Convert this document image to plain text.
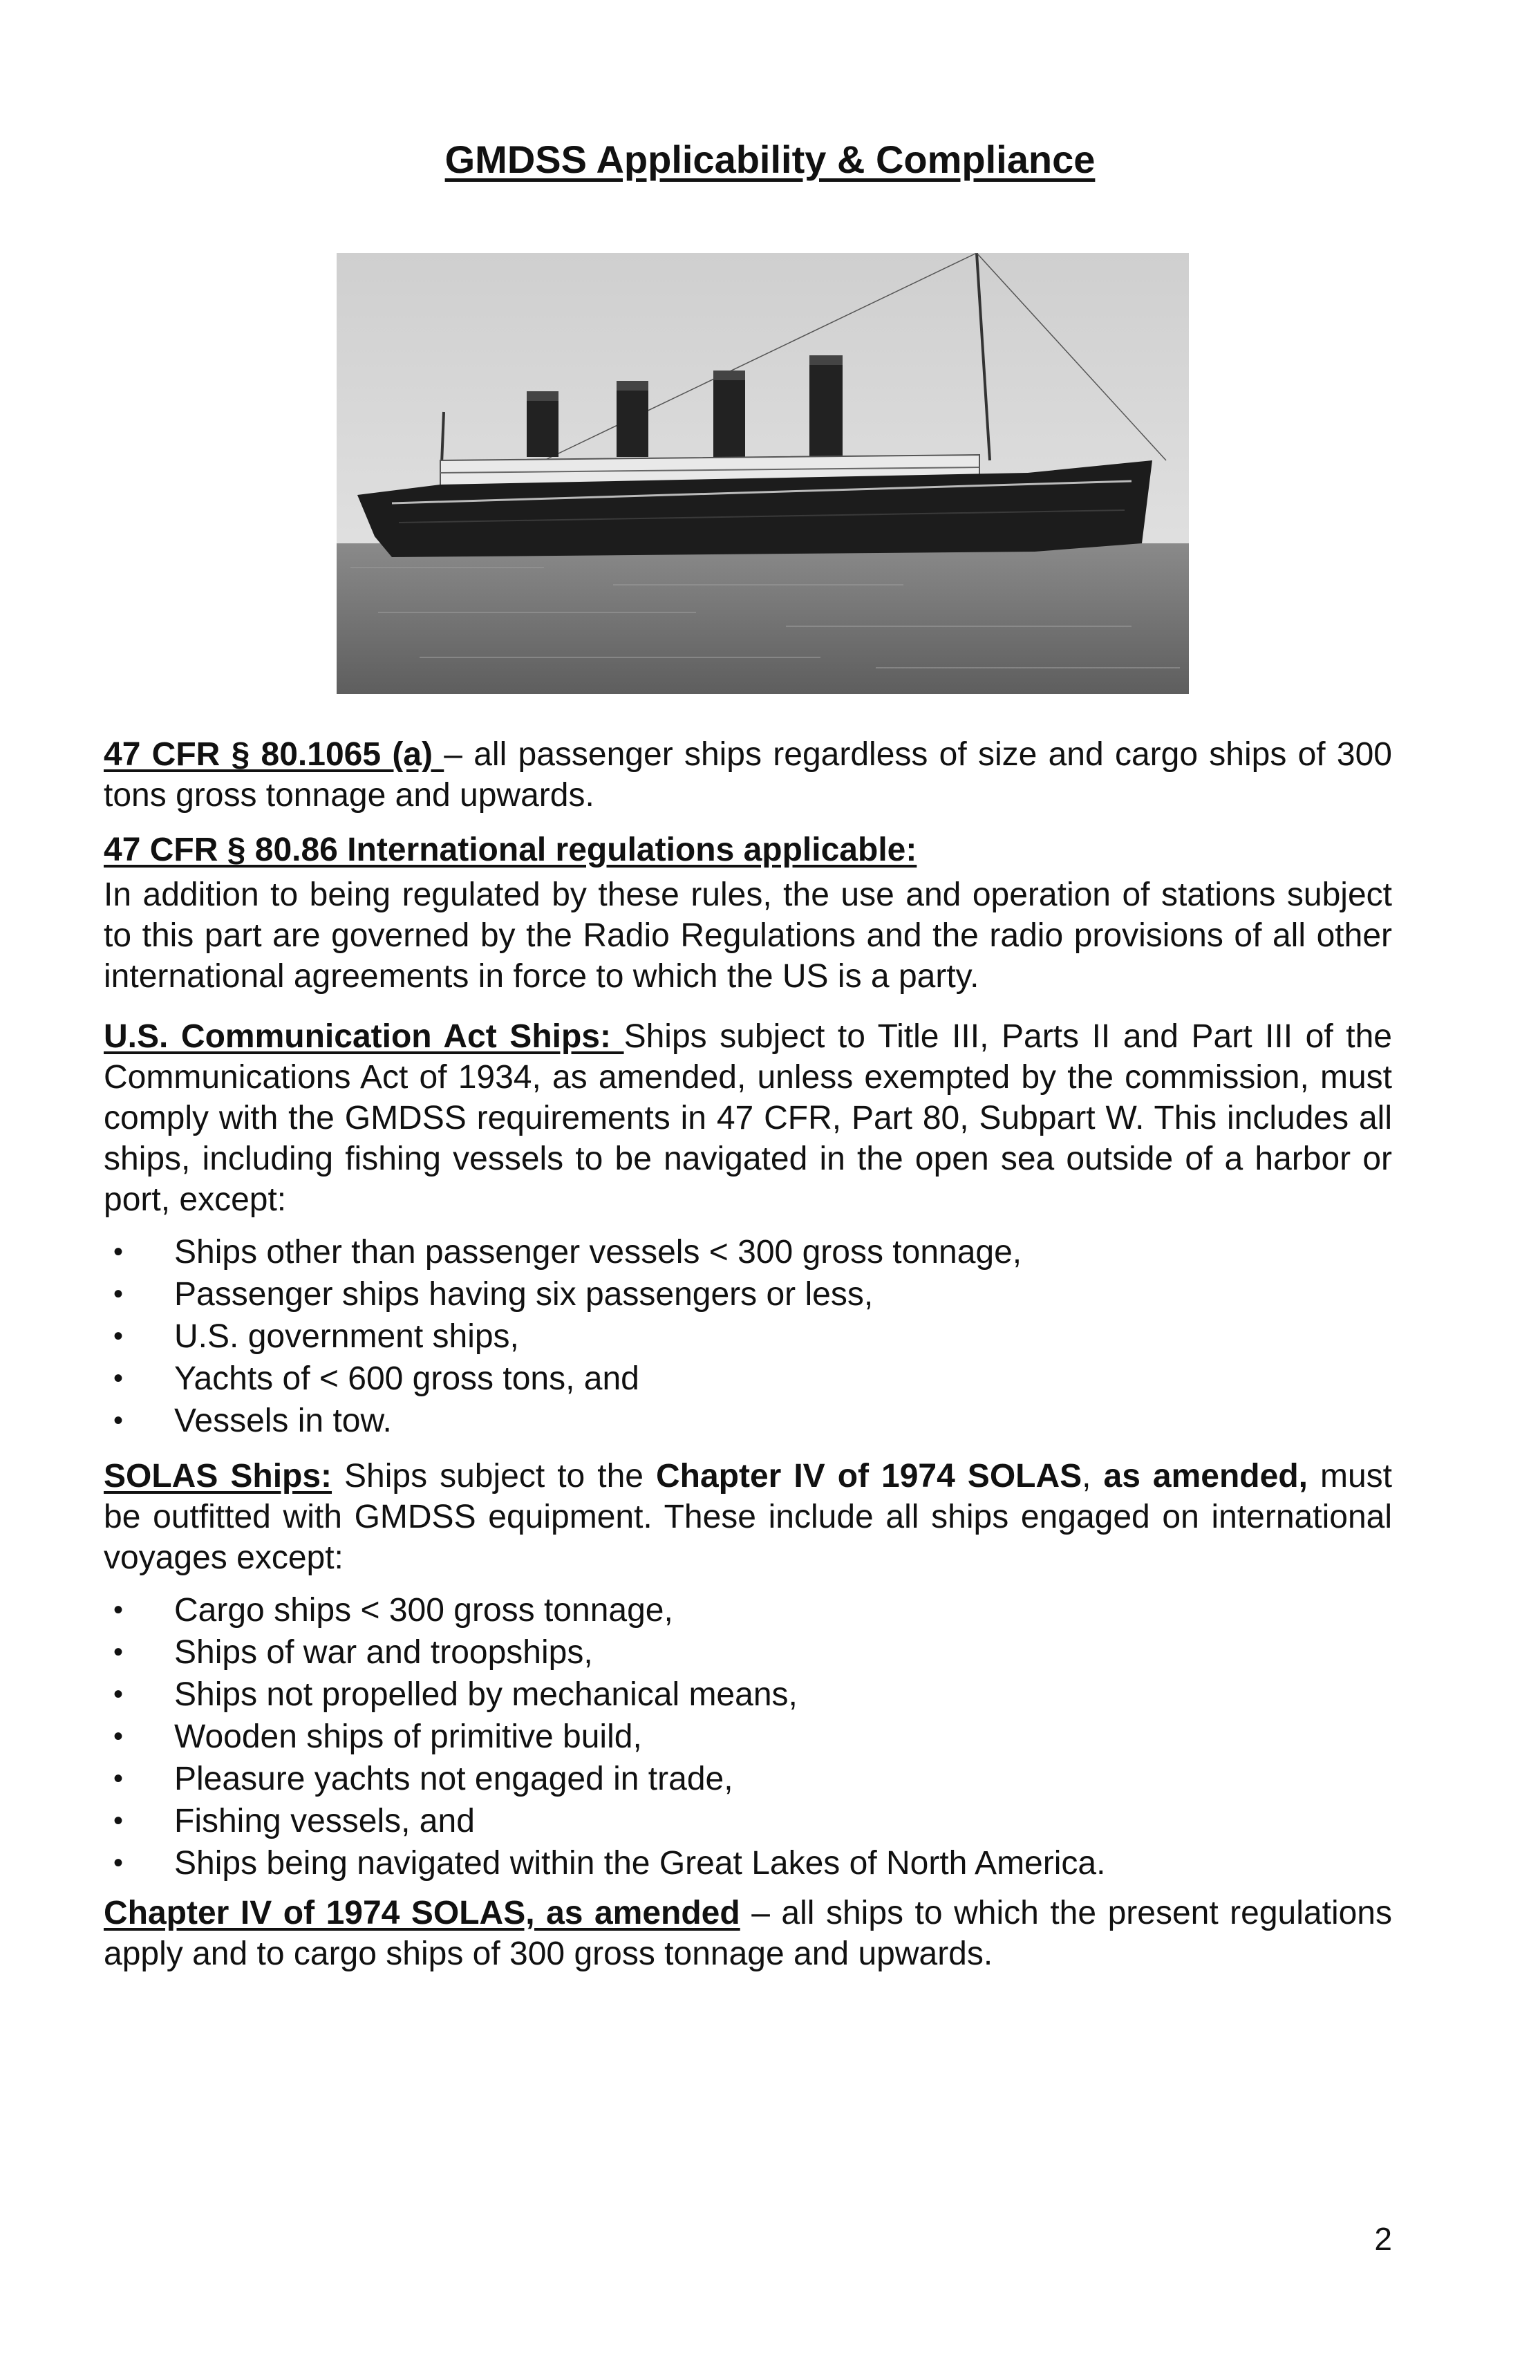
GMDSS Applicability & Compliance

47 CFR § 80.1065 (a) – all passenger ships regardless of size and cargo ships of 300 tons gross tonnage and upwards.

47 CFR § 80.86 International regulations applicable:

In addition to being regulated by these rules, the use and operation of stations subject to this part are governed by the Radio Regulations and the radio provisions of all other international agreements in force to which the US is a party.

U.S. Communication Act Ships: Ships subject to Title III, Parts II and Part III of the Communications Act of 1934, as amended, unless exempted by the commission, must comply with the GMDSS requirements in 47 CFR, Part 80, Subpart W. This includes all ships, including fishing vessels to be navigated in the open sea outside of a harbor or port, except:

• Ships other than passenger vessels < 300 gross tonnage,
• Passenger ships having six passengers or less,
• U.S. government ships,
• Yachts of < 600 gross tons, and
• Vessels in tow.

SOLAS Ships: Ships subject to the Chapter IV of 1974 SOLAS, as amended, must be outfitted with GMDSS equipment. These include all ships engaged on international voyages except:

• Cargo ships < 300 gross tonnage,
• Ships of war and troopships,
• Ships not propelled by mechanical means,
• Wooden ships of primitive build,
• Pleasure yachts not engaged in trade,
• Fishing vessels, and
• Ships being navigated within the Great Lakes of North America.

Chapter IV of 1974 SOLAS, as amended – all ships to which the present regulations apply and to cargo ships of 300 gross tonnage and upwards.

2
